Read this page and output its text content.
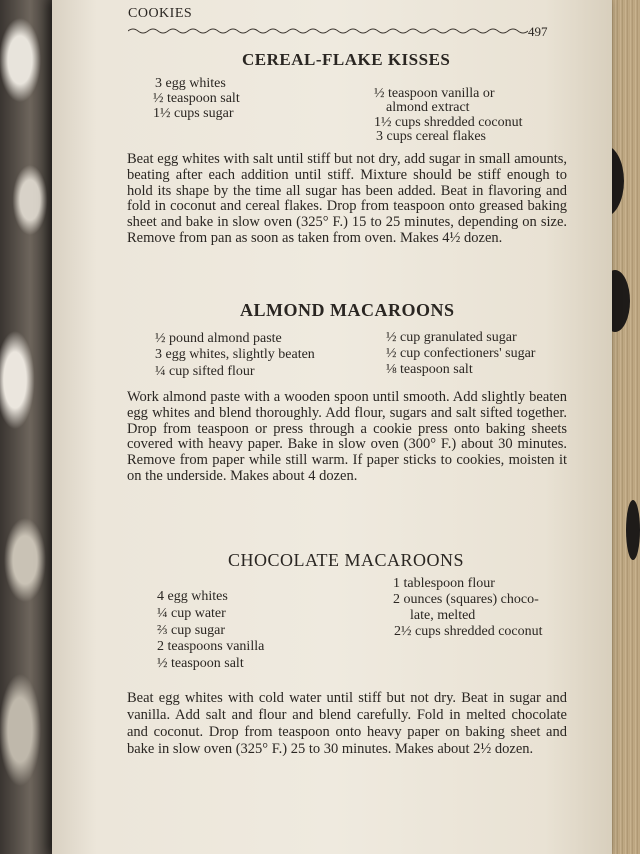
COOKIES
497
CEREAL-FLAKE KISSES
3 egg whites
½ teaspoon salt
1½ cups sugar
½ teaspoon vanilla or
almond extract
1½ cups shredded coconut
3 cups cereal flakes
Beat egg whites with salt until stiff but not dry, add sugar in small amounts, beating after each addition until stiff. Mixture should be stiff enough to hold its shape by the time all sugar has been added. Beat in flavoring and fold in coconut and cereal flakes. Drop from teaspoon onto greased baking sheet and bake in slow oven (325° F.) 15 to 25 minutes, depending on size. Remove from pan as soon as taken from oven. Makes 4½ dozen.
ALMOND MACAROONS
½ pound almond paste
3 egg whites, slightly beaten
¼ cup sifted flour
½ cup granulated sugar
½ cup confectioners' sugar
⅛ teaspoon salt
Work almond paste with a wooden spoon until smooth. Add slightly beaten egg whites and blend thoroughly. Add flour, sugars and salt sifted together. Drop from teaspoon or press through a cookie press onto baking sheets covered with heavy paper. Bake in slow oven (300° F.) about 30 minutes. Remove from paper while still warm. If paper sticks to cookies, moisten it on the underside. Makes about 4 dozen.
CHOCOLATE MACAROONS
4 egg whites
¼ cup water
⅔ cup sugar
2 teaspoons vanilla
½ teaspoon salt
1 tablespoon flour
2 ounces (squares) choco-
late, melted
2½ cups shredded coconut
Beat egg whites with cold water until stiff but not dry. Beat in sugar and vanilla. Add salt and flour and blend carefully. Fold in melted chocolate and coconut. Drop from teaspoon onto heavy paper on baking sheet and bake in slow oven (325° F.) 25 to 30 minutes. Makes about 2½ dozen.
